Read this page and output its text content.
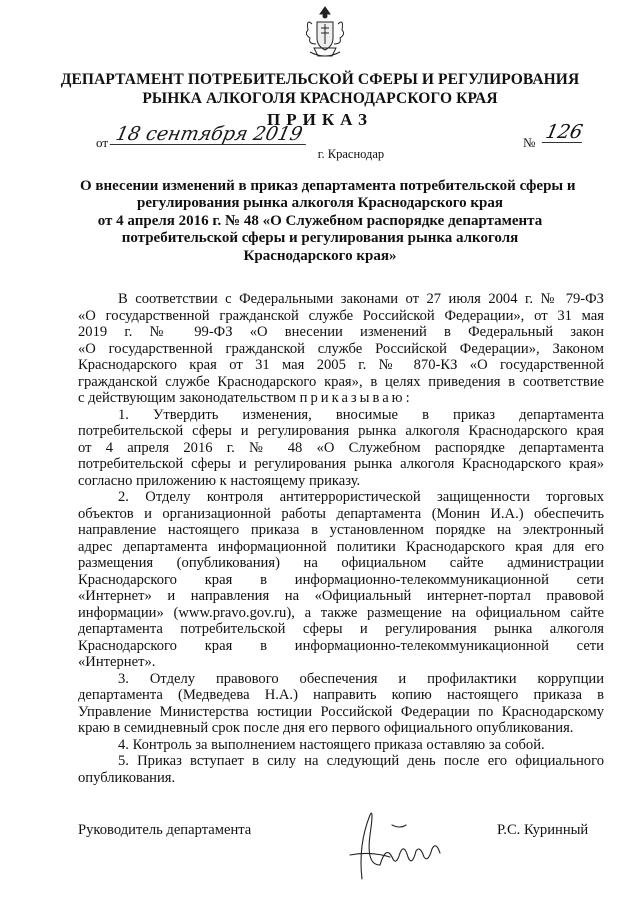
ДЕПАРТАМЕНТ ПОТРЕБИТЕЛЬСКОЙ СФЕРЫ И РЕГУЛИРОВАНИЯ
РЫНКА АЛКОГОЛЯ КРАСНОДАРСКОГО КРАЯ
ПРИКАЗ
от 18 сентября 2019	№ 126
г. Краснодар
О внесении изменений в приказ департамента потребительской сферы и
регулирования рынка алкоголя Краснодарского края
от 4 апреля 2016 г. № 48 «О Служебном распорядке департамента
потребительской сферы и регулирования рынка алкоголя
Краснодарского края»
В соответствии с Федеральными законами от 27 июля 2004 г. № 79-ФЗ
«О государственной гражданской службе Российской Федерации», от 31 мая
2019 г. № 99-ФЗ «О внесении изменений в Федеральный закон
«О государственной гражданской службе Российской Федерации», Законом
Краснодарского края от 31 мая 2005 г. № 870-КЗ «О государственной
гражданской службе Краснодарского края», в целях приведения в соответствие
с действующим законодательством приказываю:
1. Утвердить изменения, вносимые в приказ департамента
потребительской сферы и регулирования рынка алкоголя Краснодарского края
от 4 апреля 2016 г. № 48 «О Служебном распорядке департамента
потребительской сферы и регулирования рынка алкоголя Краснодарского края»
согласно приложению к настоящему приказу.
2. Отделу контроля антитеррористической защищенности торговых
объектов и организационной работы департамента (Монин И.А.) обеспечить
направление настоящего приказа в установленном порядке на электронный
адрес департамента информационной политики Краснодарского края для его
размещения (опубликования) на официальном сайте администрации
Краснодарского края в информационно-телекоммуникационной сети
«Интернет» и направления на «Официальный интернет-портал правовой
информации» (www.pravo.gov.ru), а также размещение на официальном сайте
департамента потребительской сферы и регулирования рынка алкоголя
Краснодарского края в информационно-телекоммуникационной сети
«Интернет».
3. Отделу правового обеспечения и профилактики коррупции
департамента (Медведева Н.А.) направить копию настоящего приказа в
Управление Министерства юстиции Российской Федерации по Краснодарскому
краю в семидневный срок после дня его первого официального опубликования.
4. Контроль за выполнением настоящего приказа оставляю за собой.
5. Приказ вступает в силу на следующий день после его официального
опубликования.
Руководитель департамента	Р.С. Куринный
